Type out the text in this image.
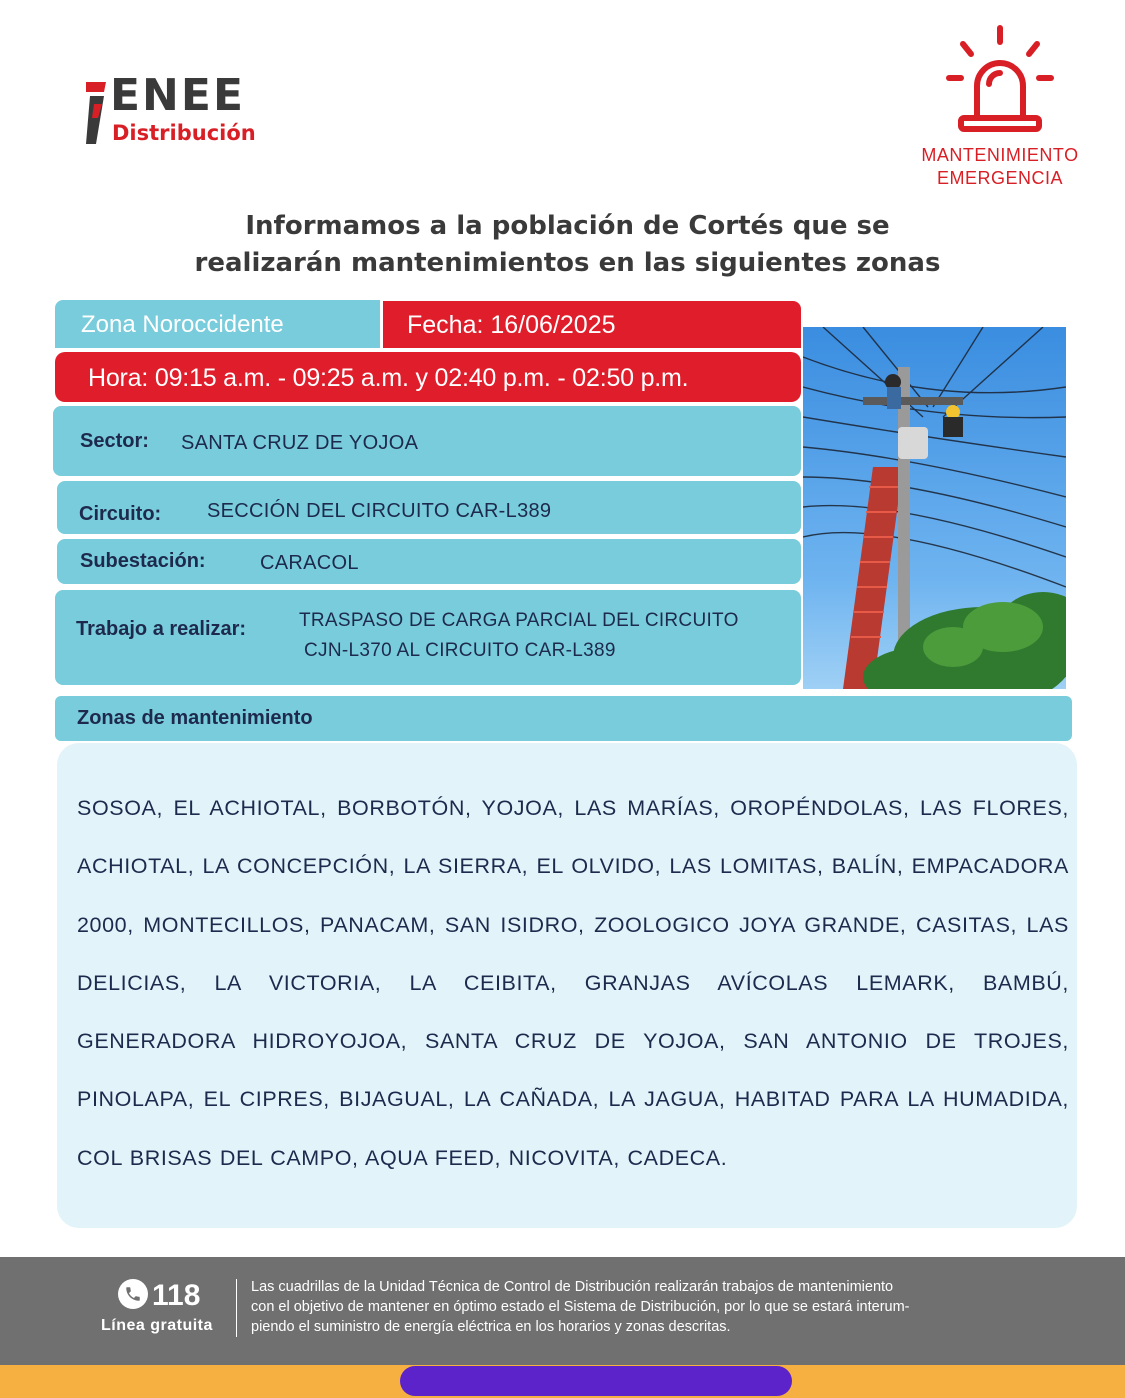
ENEE
Distribución
MANTENIMIENTO
EMERGENCIA
Informamos a la población de Cortés que se
realizarán mantenimientos en las siguientes zonas
Zona Noroccidente	Fecha: 16/06/2025
Hora: 09:15 a.m. - 09:25 a.m. y 02:40 p.m. - 02:50 p.m.
Sector: SANTA CRUZ DE YOJOA
Circuito: SECCIÓN DEL CIRCUITO CAR-L389
Subestación:	CARACOL
Trabajo a realizar:	TRASPASO DE CARGA PARCIAL DEL CIRCUITO
CJN-L370 AL CIRCUITO CAR-L389
Zonas de mantenimiento
SOSOA, EL ACHIOTAL, BORBOTÓN, YOJOA, LAS MARÍAS, OROPÉNDOLAS, LAS FLORES, ACHIOTAL, LA CONCEPCIÓN, LA SIERRA, EL OLVIDO, LAS LOMITAS, BALÍN, EMPACADORA 2000, MONTECILLOS, PANACAM, SAN ISIDRO, ZOOLOGICO JOYA GRANDE, CASITAS, LAS DELICIAS, LA VICTORIA, LA CEIBITA, GRANJAS AVÍCOLAS LEMARK, BAMBÚ, GENERADORA HIDROYOJOA, SANTA CRUZ DE YOJOA, SAN ANTONIO DE TROJES, PINOLAPA, EL CIPRES, BIJAGUAL, LA CAÑADA, LA JAGUA, HABITAD PARA LA HUMADIDA, COL BRISAS DEL CAMPO, AQUA FEED, NICOVITA, CADECA.
118
Línea gratuita
Las cuadrillas de la Unidad Técnica de Control de Distribución realizarán trabajos de mantenimiento
con el objetivo de mantener en óptimo estado el Sistema de Distribución, por lo que se estará interum-
piendo el suministro de energía eléctrica en los horarios y zonas descritas.
